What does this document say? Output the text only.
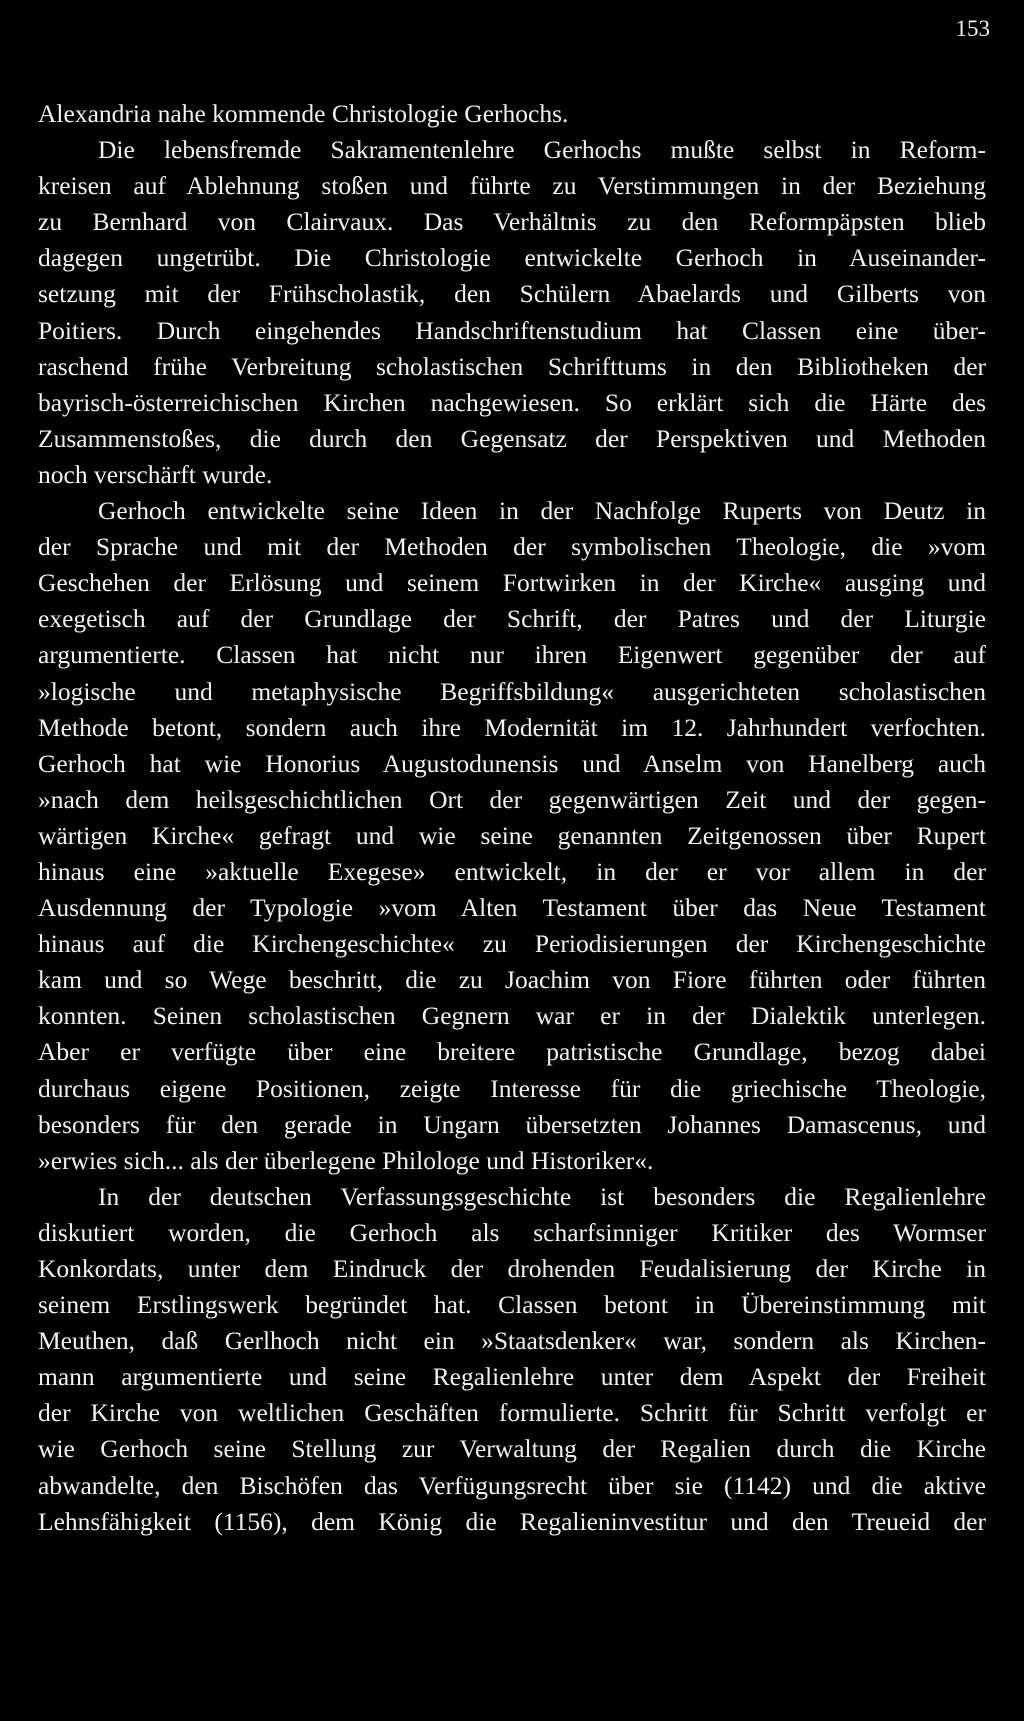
153
Alexandria nahe kommende Christologie Gerhochs.
Die lebensfremde Sakramentenlehre Gerhochs mußte selbst in Reform-
kreisen auf Ablehnung stoßen und führte zu Verstimmungen in der Beziehung
zu Bernhard von Clairvaux. Das Verhältnis zu den Reformpäpsten blieb
dagegen ungetrübt. Die Christologie entwickelte Gerhoch in Auseinander-
setzung mit der Frühscholastik, den Schülern Abaelards und Gilberts von
Poitiers. Durch eingehendes Handschriftenstudium hat Classen eine über-
raschend frühe Verbreitung scholastischen Schrifttums in den Bibliotheken der
bayrisch-österreichischen Kirchen nachgewiesen. So erklärt sich die Härte des
Zusammenstoßes, die durch den Gegensatz der Perspektiven und Methoden
noch verschärft wurde.
Gerhoch entwickelte seine Ideen in der Nachfolge Ruperts von Deutz in
der Sprache und mit der Methoden der symbolischen Theologie, die »vom
Geschehen der Erlösung und seinem Fortwirken in der Kirche« ausging und
exegetisch auf der Grundlage der Schrift, der Patres und der Liturgie
argumentierte. Classen hat nicht nur ihren Eigenwert gegenüber der auf
»logische und metaphysische Begriffsbildung« ausgerichteten scholastischen
Methode betont, sondern auch ihre Modernität im 12. Jahrhundert verfochten.
Gerhoch hat wie Honorius Augustodunensis und Anselm von Hanelberg auch
»nach dem heilsgeschichtlichen Ort der gegenwärtigen Zeit und der gegen-
wärtigen Kirche« gefragt und wie seine genannten Zeitgenossen über Rupert
hinaus eine »aktuelle Exegese» entwickelt, in der er vor allem in der
Ausdennung der Typologie »vom Alten Testament über das Neue Testament
hinaus auf die Kirchengeschichte« zu Periodisierungen der Kirchengeschichte
kam und so Wege beschritt, die zu Joachim von Fiore führten oder führten
konnten. Seinen scholastischen Gegnern war er in der Dialektik unterlegen.
Aber er verfügte über eine breitere patristische Grundlage, bezog dabei
durchaus eigene Positionen, zeigte Interesse für die griechische Theologie,
besonders für den gerade in Ungarn übersetzten Johannes Damascenus, und
»erwies sich... als der überlegene Philologe und Historiker«.
In der deutschen Verfassungsgeschichte ist besonders die Regalienlehre
diskutiert worden, die Gerhoch als scharfsinniger Kritiker des Wormser
Konkordats, unter dem Eindruck der drohenden Feudalisierung der Kirche in
seinem Erstlingswerk begründet hat. Classen betont in Übereinstimmung mit
Meuthen, daß Gerlhoch nicht ein »Staatsdenker« war, sondern als Kirchen-
mann argumentierte und seine Regalienlehre unter dem Aspekt der Freiheit
der Kirche von weltlichen Geschäften formulierte. Schritt für Schritt verfolgt er
wie Gerhoch seine Stellung zur Verwaltung der Regalien durch die Kirche
abwandelte, den Bischöfen das Verfügungsrecht über sie (1142) und die aktive
Lehnsfähigkeit (1156), dem König die Regalieninvestitur und den Treueid der
